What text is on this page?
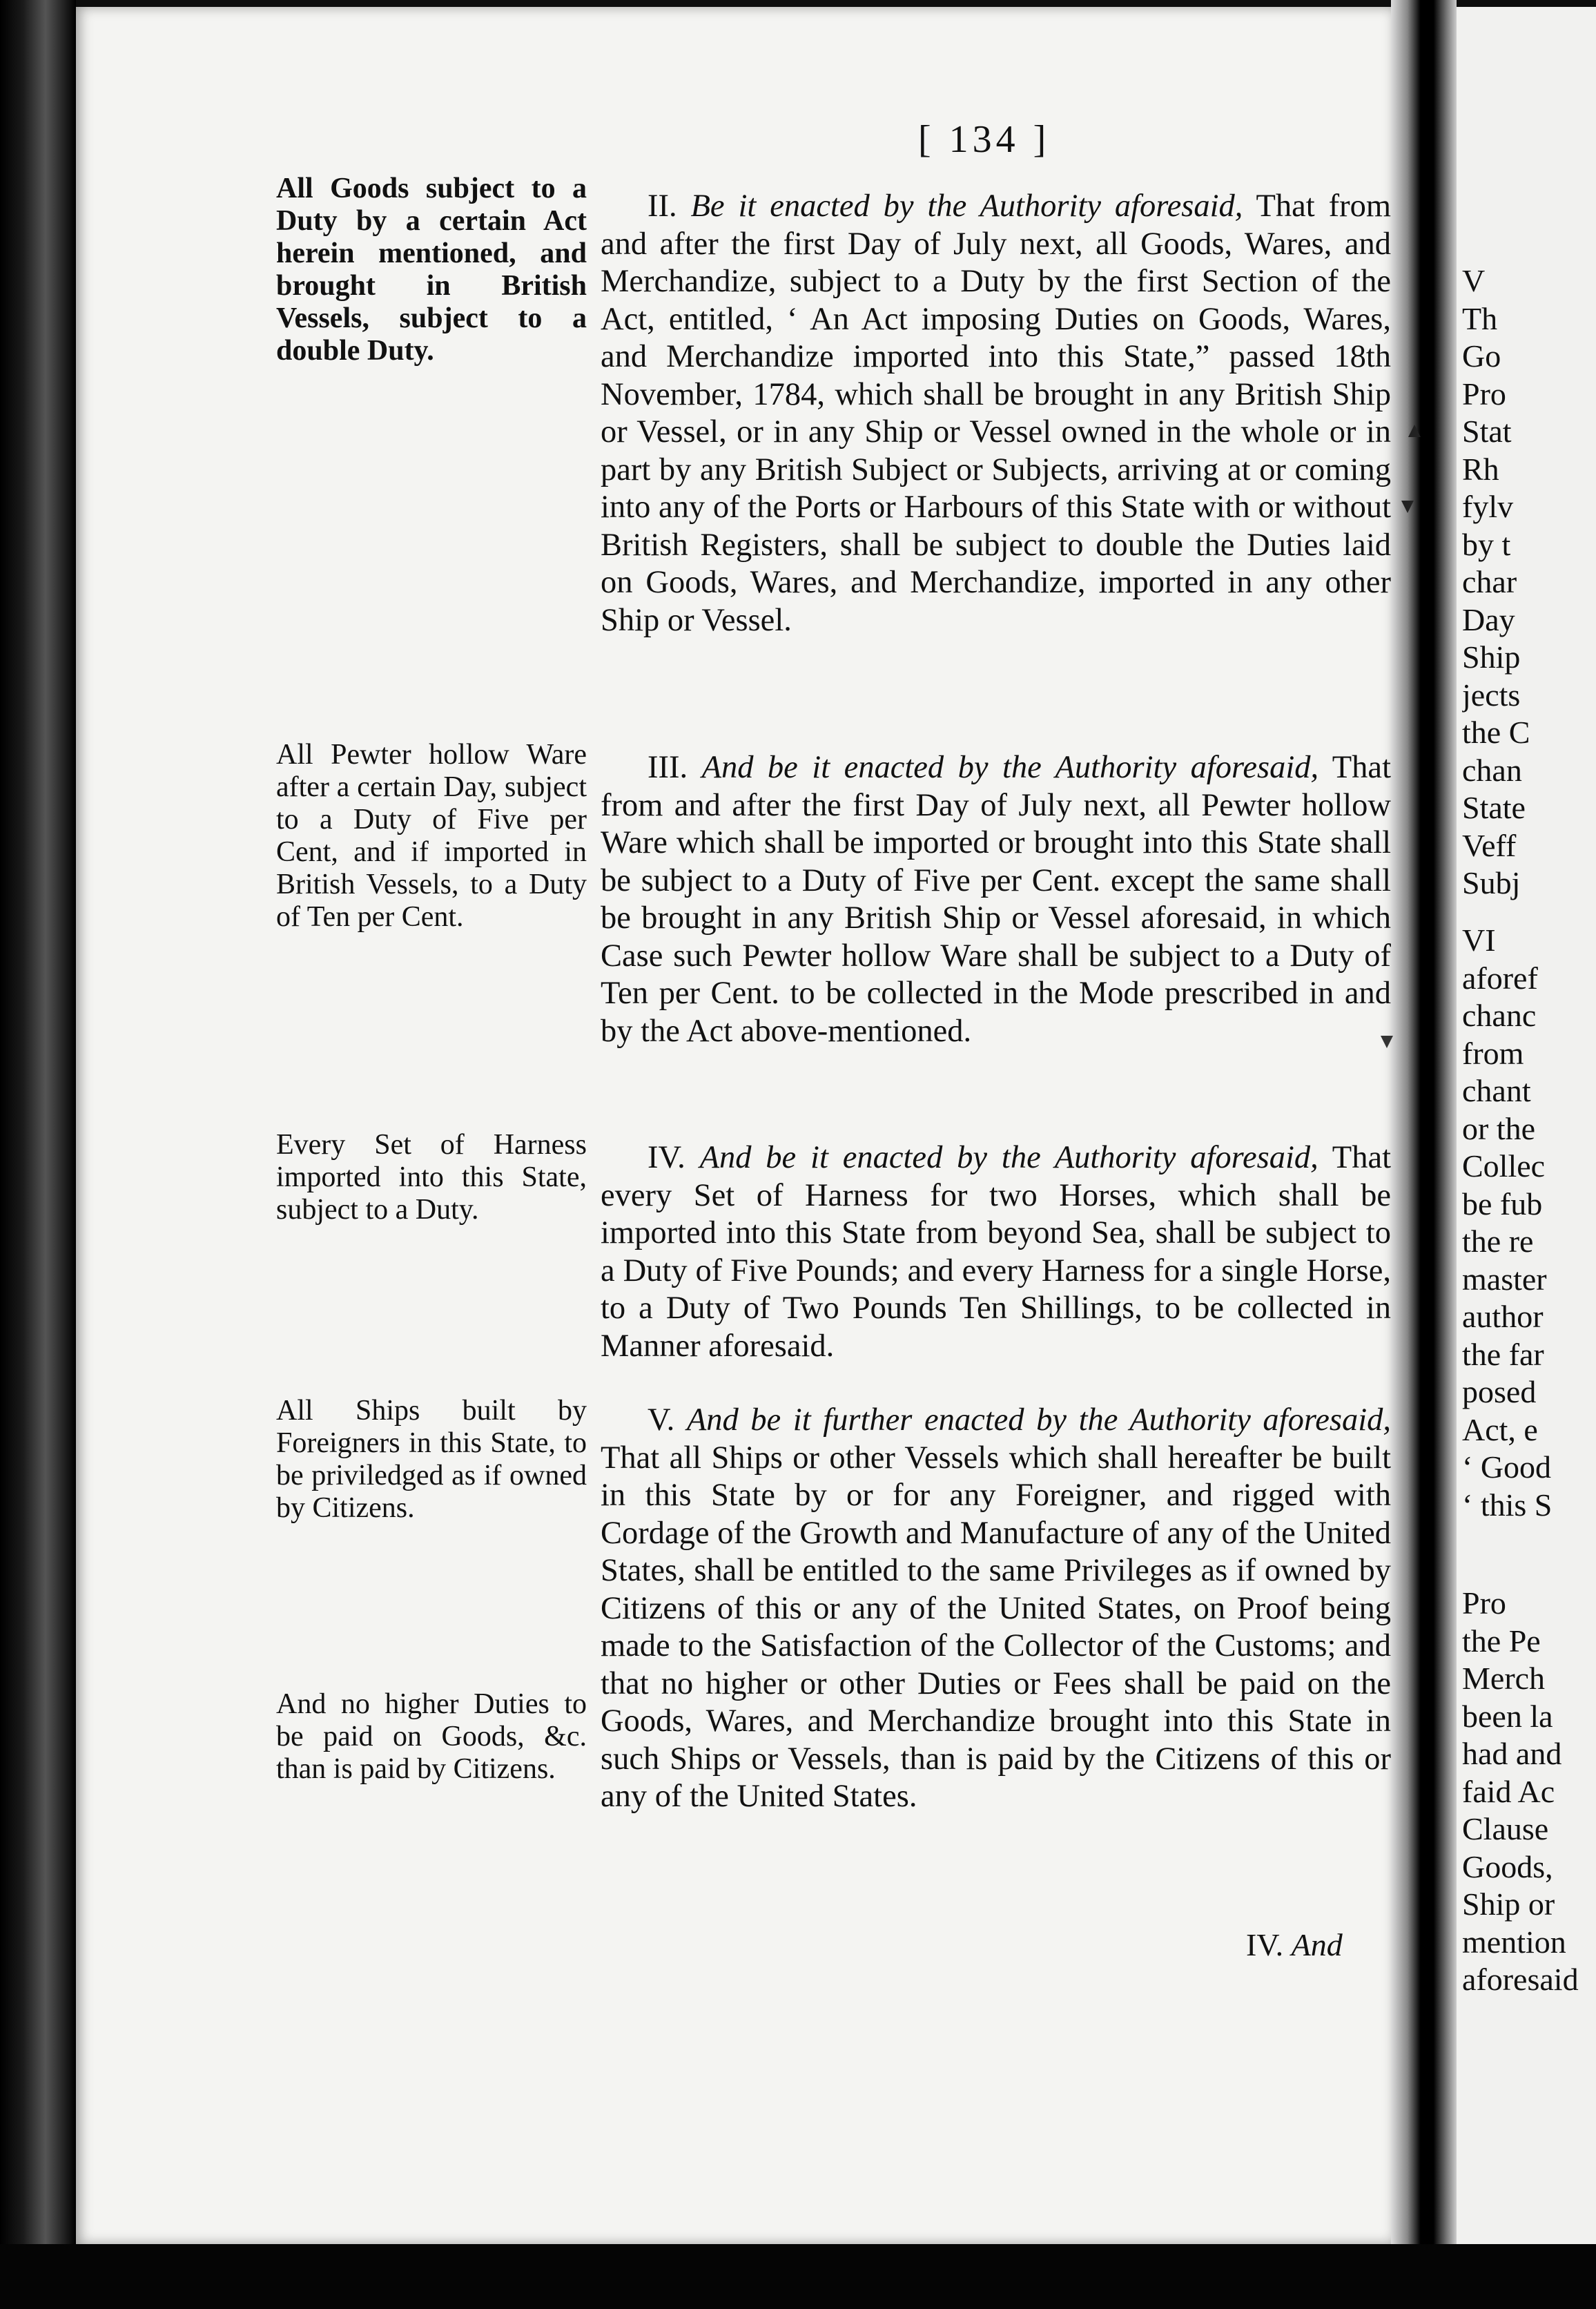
[ 134 ]
All Goods subject to a Duty by a certain Act herein mentioned, and brought in British Vessels, subject to a double Duty.
All Pewter hollow Ware after a certain Day, subject to a Duty of Five per Cent, and if imported in British Vessels, to a Duty of Ten per Cent.
Every Set of Harness imported into this State, subject to a Duty.
All Ships built by Foreigners in this State, to be priviledged as if owned by Citizens.
And no higher Duties to be paid on Goods, &c. than is paid by Citizens.
II. Be it enacted by the Authority aforesaid, That from and after the first Day of July next, all Goods, Wares, and Merchandize, subject to a Duty by the first Section of the Act, entitled, ‘ An Act imposing Duties on Goods, Wares, and Merchandize imported into this State,” passed 18th November, 1784, which shall be brought in any British Ship or Vessel, or in any Ship or Vessel owned in the whole or in part by any British Subject or Subjects, arriving at or coming into any of the Ports or Harbours of this State with or without British Registers, shall be subject to double the Duties laid on Goods, Wares, and Merchandize, imported in any other Ship or Vessel.
III. And be it enacted by the Authority aforesaid, That from and after the first Day of July next, all Pewter hollow Ware which shall be imported or brought into this State shall be subject to a Duty of Five per Cent. except the same shall be brought in any British Ship or Vessel aforesaid, in which Case such Pewter hollow Ware shall be subject to a Duty of Ten per Cent. to be collected in the Mode prescribed in and by the Act above-mentioned.
IV. And be it enacted by the Authority aforesaid, That every Set of Harness for two Horses, which shall be imported into this State from beyond Sea, shall be subject to a Duty of Five Pounds; and every Harness for a single Horse, to a Duty of Two Pounds Ten Shillings, to be collected in Manner aforesaid.
V. And be it further enacted by the Authority aforesaid, That all Ships or other Vessels which shall hereafter be built in this State by or for any Foreigner, and rigged with Cordage of the Growth and Manufacture of any of the United States, shall be entitled to the same Privileges as if owned by Citizens of this or any of the United States, on Proof being made to the Satisfaction of the Collector of the Customs; and that no higher or other Duties or Fees shall be paid on the Goods, Wares, and Merchandize brought into this State in such Ships or Vessels, than is paid by the Citizens of this or any of the United States.
IV. And
V
Th
Go
Pro
Stat
Rh
fylv
by t
char
Day
Ship
jects
the C
chan
State
Veff
Subj
VI
aforef
chanc
from
chant
or the
Collec
be fub
the re
master
author
the far
posed
Act, e
‘ Good
‘ this S
Pro
the Pe
Merch
been la
had and
faid Ac
Clause
Goods,
Ship or
mention
aforesaid
